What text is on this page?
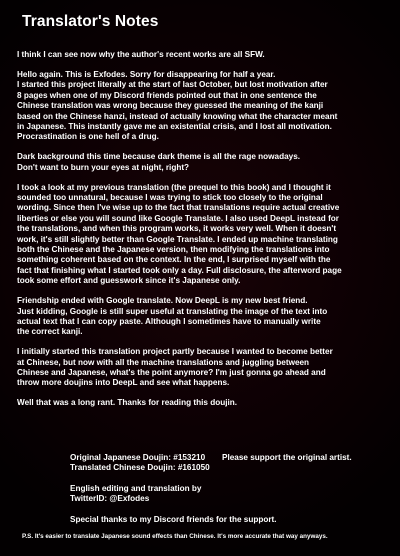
Translator's Notes
I think I can see now why the author's recent works are all SFW.
Hello again. This is Exfodes. Sorry for disappearing for half a year.
I started this project literally at the start of last October, but lost motivation after
8 pages when one of my Discord friends pointed out that in one sentence the
Chinese translation was wrong because they guessed the meaning of the kanji
based on the Chinese hanzi, instead of actually knowing what the character meant
in Japanese. This instantly gave me an existential crisis, and I lost all motivation.
Procrastination is one hell of a drug.
Dark background this time because dark theme is all the rage nowadays.
Don't want to burn your eyes at night, right?
I took a look at my previous translation (the prequel to this book) and I thought it
sounded too unnatural, because I was trying to stick too closely to the original
wording. Since then I've wise up to the fact that translations require actual creative
liberties or else you will sound like Google Translate. I also used DeepL instead for
the translations, and when this program works, it works very well. When it doesn't
work, it's still slightly better than Google Translate. I ended up machine translating
both the Chinese and the Japanese version, then modifying the translations into
something coherent based on the context. In the end, I surprised myself with the
fact that finishing what I started took only a day. Full disclosure, the afterword page
took some effort and guesswork since it's Japanese only.
Friendship ended with Google translate. Now DeepL is my new best friend.
Just kidding, Google is still super useful at translating the image of the text into
actual text that I can copy paste. Although I sometimes have to manually write
the correct kanji.
I initially started this translation project partly because I wanted to become better
at Chinese, but now with all the machine translations and juggling between
Chinese and Japanese, what's the point anymore? I'm just gonna go ahead and
throw more doujins into DeepL and see what happens.
Well that was a long rant. Thanks for reading this doujin.
Original Japanese Doujin: #153210 Please support the original artist.
Translated Chinese Doujin: #161050
English editing and translation by
TwitterID: @Exfodes
Special thanks to my Discord friends for the support.
P.S. It's easier to translate Japanese sound effects than Chinese. It's more accurate that way anyways.
